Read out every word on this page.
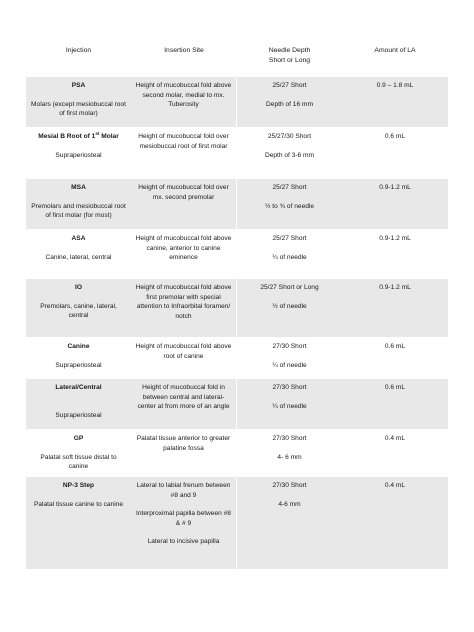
Injection	Insertion Site	Needle Depth
Short or Long
Amount of LA
PSA
Molars (except mesiobuccal root of first molar)
Height of mucobuccal fold above second molar, medial to mx. Tuberosity
25/27 Short
Depth of 16 mm
0.9 – 1.8 mL
Mesial B Root of 1st Molar
Supraperiosteal
Height of mucobuccal fold over mesiobuccal root of first molar
25/27/30 Short
Depth of 3-6 mm
0.6 mL
MSA
Premolars and mesiobuccal root of first molar (for most)
Height of mucobuccal fold over mx. second premolar
25/27 Short
½ to ¾ of needle
0.9-1.2 mL
ASA
Canine, lateral, central
Height of mucobuccal fold above canine, anterior to canine eminence
25/27 Short
¼ of needle
0.9-1.2 mL
IO
Premolars, canine, lateral, central
Height of mucobuccal fold above first premolar with special attention to Infraorbital foramen/ notch
25/27 Short or Long
½ of needle
0.9-1.2 mL
Canine
Supraperiosteal
Height of mucobuccal fold above root of canine
27/30 Short
¼ of needle
0.6 mL
Lateral/Central
Supraperiosteal
Height of mucobuccal fold in between central and lateral- center at from more of an angle
27/30 Short
¼ of needle
0.6 mL
GP
Palatal soft tissue distal to canine
Palatal tissue anterior to greater palatine fossa
27/30 Short
4- 6 mm
0.4 mL
NP-3 Step
Palatal tissue canine to canine
Lateral to labial frenum between #8 and 9
Interproximal papilla between #8 & # 9
Lateral to incisive papilla
27/30 Short
4-6 mm
0.4 mL
